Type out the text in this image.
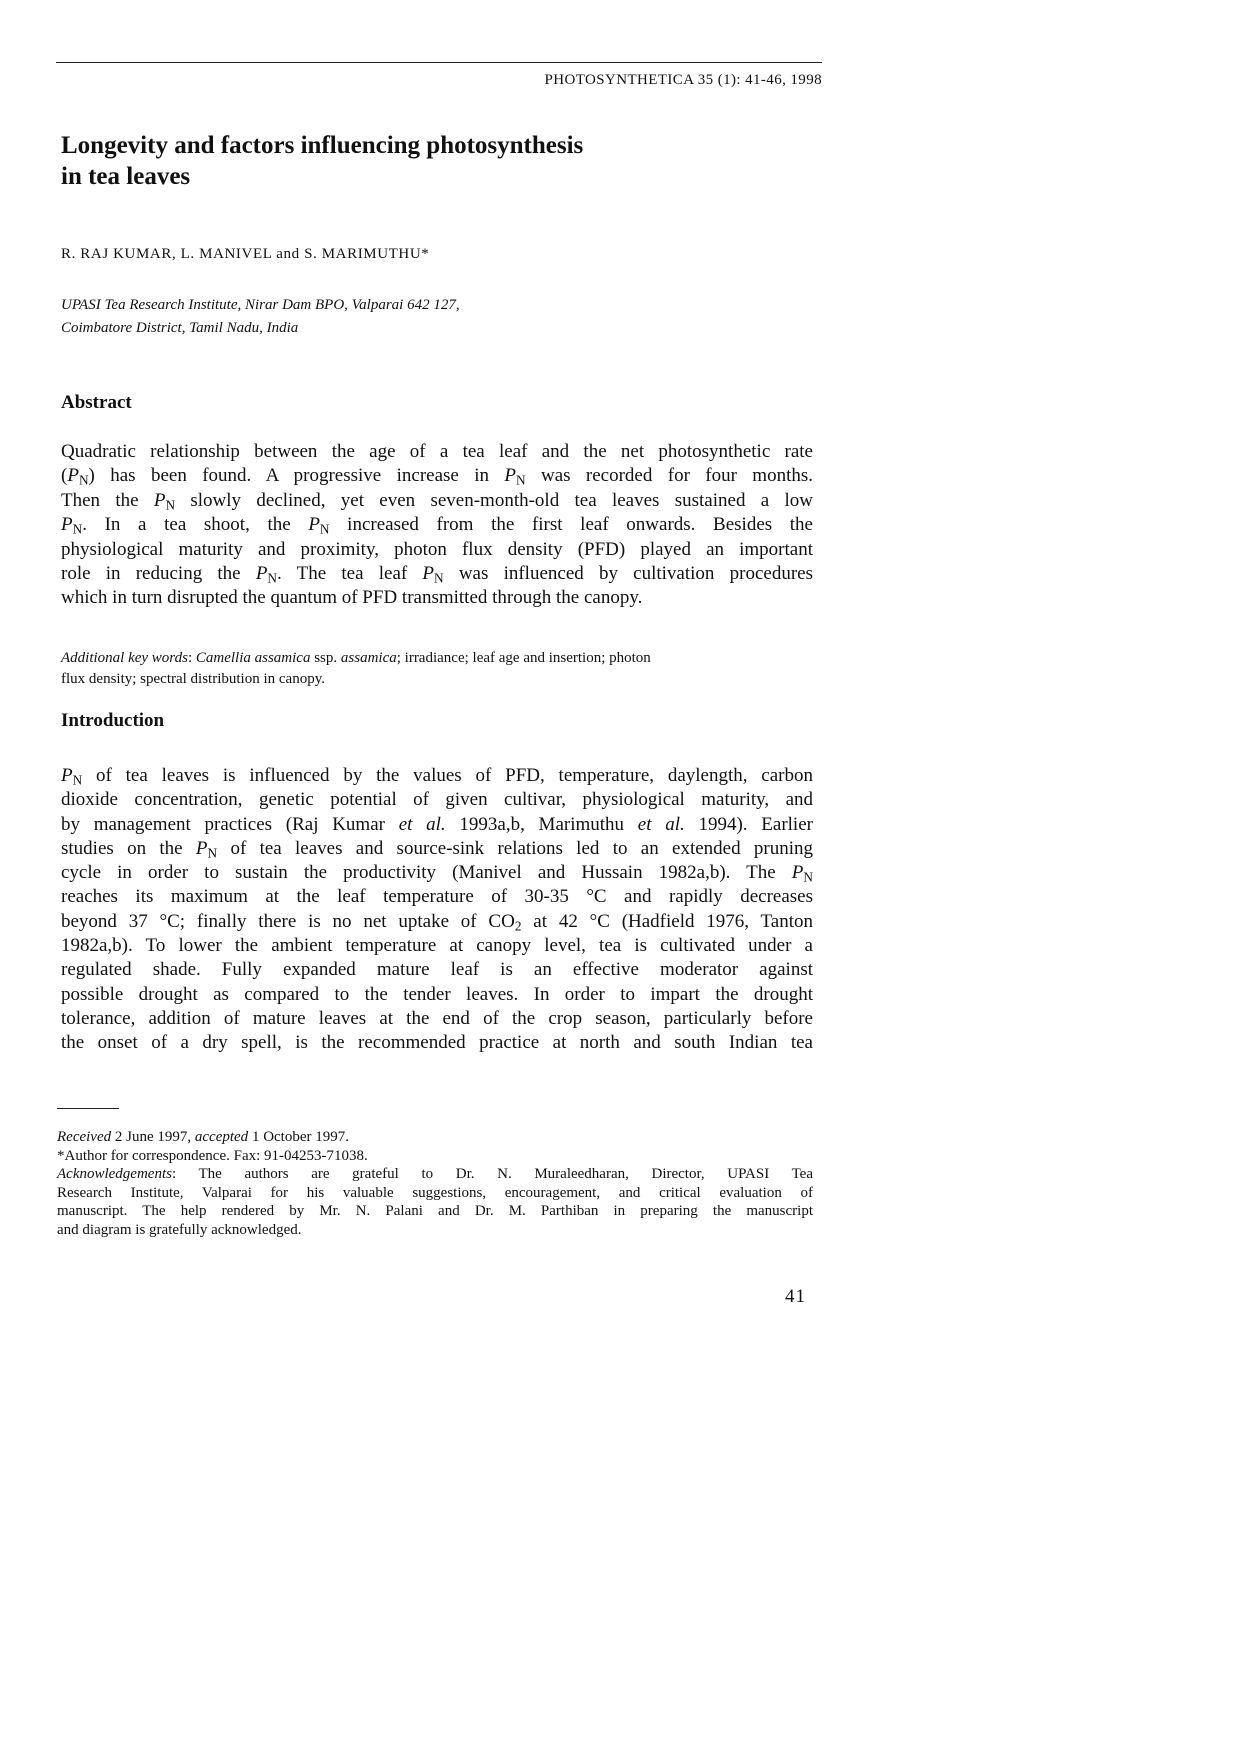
PHOTOSYNTHETICA 35 (1): 41-46, 1998
Longevity and factors influencing photosynthesis
in tea leaves
R. RAJ KUMAR, L. MANIVEL and S. MARIMUTHU*
UPASI Tea Research Institute, Nirar Dam BPO, Valparai 642 127,
Coimbatore District, Tamil Nadu, India
Abstract
Quadratic relationship between the age of a tea leaf and the net photosynthetic rate
$(P_N)$ has been found. A progressive increase in $P_N$ was recorded for four months.
Then the $P_N$ slowly declined, yet even seven-month-old tea leaves sustained a low
$P_N$. In a tea shoot, the $P_N$ increased from the first leaf onwards. Besides the
physiological maturity and proximity, photon flux density (PFD) played an important
role in reducing the $P_N$. The tea leaf $P_N$ was influenced by cultivation procedures
which in turn disrupted the quantum of PFD transmitted through the canopy.
Additional key words: Camellia assamica ssp. assamica; irradiance; leaf age and insertion; photon
flux density; spectral distribution in canopy.
Introduction
$P_N$ of tea leaves is influenced by the values of PFD, temperature, daylength, carbon
dioxide concentration, genetic potential of given cultivar, physiological maturity, and
by management practices (Raj Kumar et al. 1993a,b, Marimuthu et al. 1994). Earlier
studies on the $P_N$ of tea leaves and source-sink relations led to an extended pruning
cycle in order to sustain the productivity (Manivel and Hussain 1982a,b). The $P_N$
reaches its maximum at the leaf temperature of 30-35 °C and rapidly decreases
beyond 37 °C; finally there is no net uptake of $CO_2$ at 42 °C (Hadfield 1976, Tanton
1982a,b). To lower the ambient temperature at canopy level, tea is cultivated under a
regulated shade. Fully expanded mature leaf is an effective moderator against
possible drought as compared to the tender leaves. In order to impart the drought
tolerance, addition of mature leaves at the end of the crop season, particularly before
the onset of a dry spell, is the recommended practice at north and south Indian tea
Received 2 June 1997, accepted 1 October 1997.
*Author for correspondence. Fax: 91-04253-71038.
Acknowledgements: The authors are grateful to Dr. N. Muraleedharan, Director, UPASI Tea
Research Institute, Valparai for his valuable suggestions, encouragement, and critical evaluation of
manuscript. The help rendered by Mr. N. Palani and Dr. M. Parthiban in preparing the manuscript
and diagram is gratefully acknowledged.
41
